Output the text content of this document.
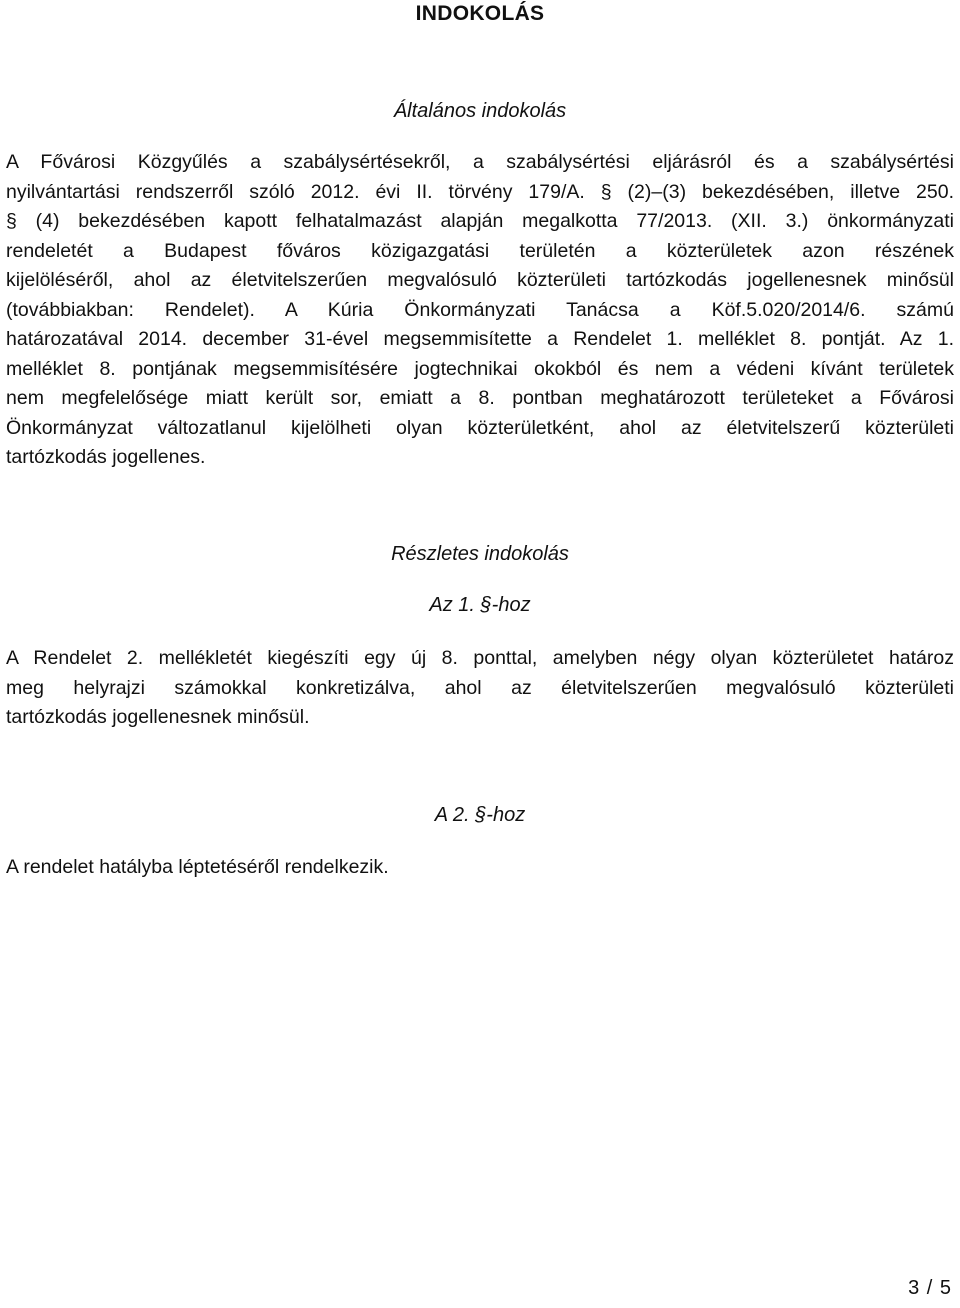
INDOKOLÁS
Általános indokolás
A Fővárosi Közgyűlés a szabálysértésekről, a szabálysértési eljárásról és a szabálysértési
nyilvántartási rendszerről szóló 2012. évi II. törvény 179/A. § (2)–(3) bekezdésében, illetve 250.
§ (4) bekezdésében kapott felhatalmazást alapján megalkotta 77/2013. (XII. 3.) önkormányzati
rendeletét a Budapest főváros közigazgatási területén a közterületek azon részének
kijelöléséről, ahol az életvitelszerűen megvalósuló közterületi tartózkodás jogellenesnek minősül
(továbbiakban: Rendelet). A Kúria Önkormányzati Tanácsa a Köf.5.020/2014/6. számú
határozatával 2014. december 31-ével megsemmisítette a Rendelet 1. melléklet 8. pontját. Az 1.
melléklet 8. pontjának megsemmisítésére jogtechnikai okokból és nem a védeni kívánt területek
nem megfelelősége miatt került sor, emiatt a 8. pontban meghatározott területeket a Fővárosi
Önkormányzat változatlanul kijelölheti olyan közterületként, ahol az életvitelszerű közterületi
tartózkodás jogellenes.
Részletes indokolás
Az 1. §-hoz
A Rendelet 2. mellékletét kiegészíti egy új 8. ponttal, amelyben négy olyan közterületet határoz
meg helyrajzi számokkal konkretizálva, ahol az életvitelszerűen megvalósuló közterületi
tartózkodás jogellenesnek minősül.
A 2. §-hoz
A rendelet hatályba léptetéséről rendelkezik.
3 / 5
